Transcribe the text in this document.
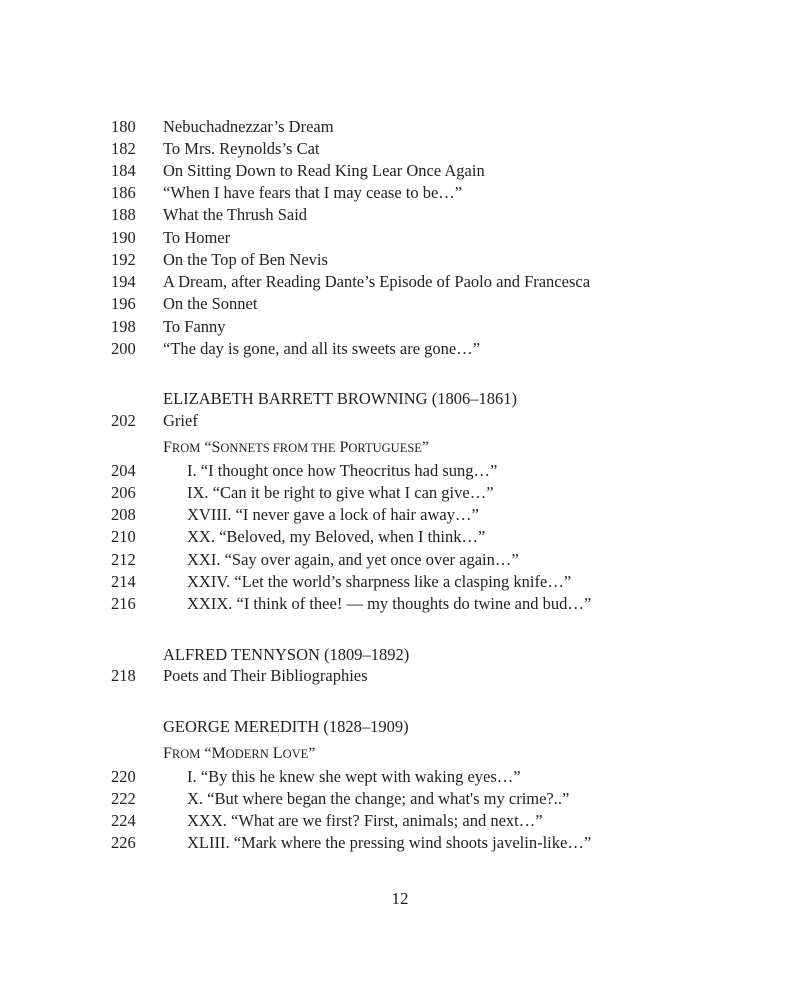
180	Nebuchadnezzar’s Dream
182	To Mrs. Reynolds’s Cat
184	On Sitting Down to Read King Lear Once Again
186	“When I have fears that I may cease to be…”
188	What the Thrush Said
190	To Homer
192	On the Top of Ben Nevis
194	A Dream, after Reading Dante’s Episode of Paolo and Francesca
196	On the Sonnet
198	To Fanny
200	“The day is gone, and all its sweets are gone…”
ELIZABETH BARRETT BROWNING (1806–1861)
202	Grief
FROM “SONNETS FROM THE PORTUGUESE”
204	I. “I thought once how Theocritus had sung…”
206	IX. “Can it be right to give what I can give…”
208	XVIII. “I never gave a lock of hair away…”
210	XX. “Beloved, my Beloved, when I think…”
212	XXI. “Say over again, and yet once over again…”
214	XXIV. “Let the world’s sharpness like a clasping knife…”
216	XXIX. “I think of thee! — my thoughts do twine and bud…”
ALFRED TENNYSON (1809–1892)
218	Poets and Their Bibliographies
GEORGE MEREDITH (1828–1909)
FROM “MODERN LOVE”
220	I. “By this he knew she wept with waking eyes…”
222	X. “But where began the change; and what's my crime?..”
224	XXX. “What are we first? First, animals; and next…”
226	XLIII. “Mark where the pressing wind shoots javelin-like…”
12
